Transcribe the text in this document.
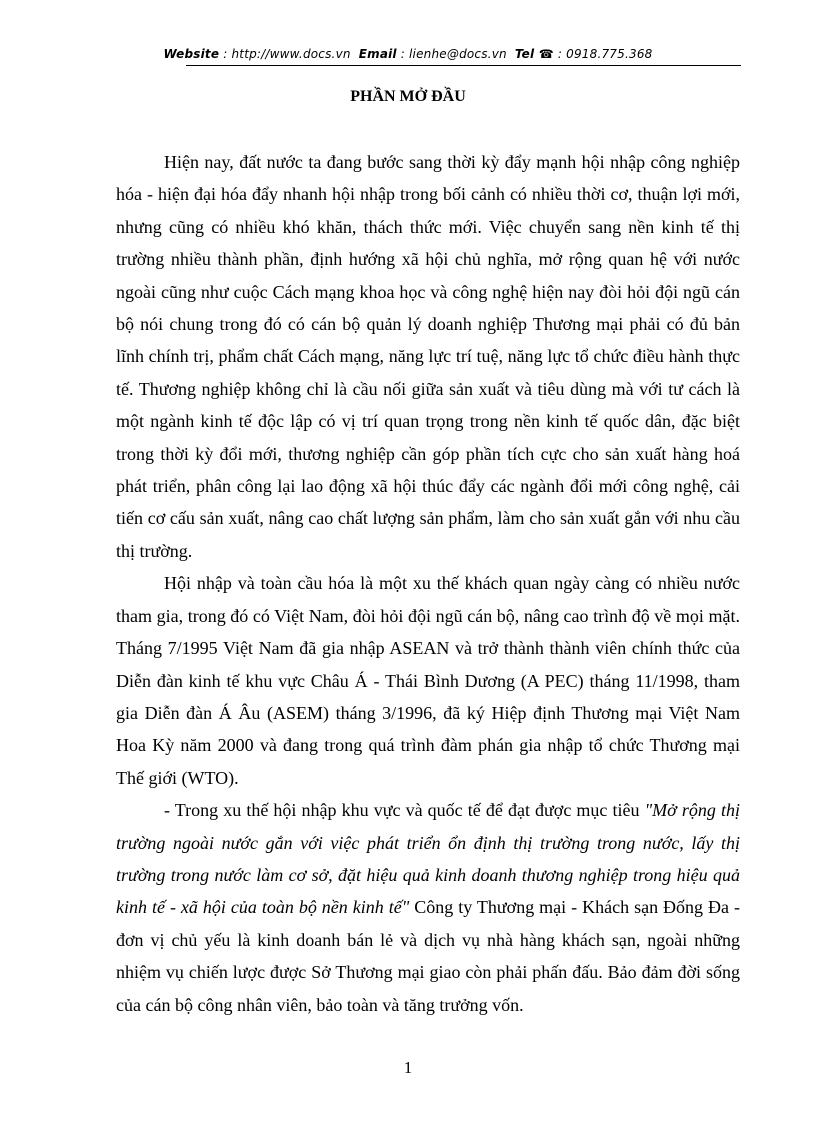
Website : http://www.docs.vn Email : lienhe@docs.vn Tel ☎ : 0918.775.368
PHẦN MỞ ĐẦU

Hiện nay, đất nước ta đang bước sang thời kỳ đẩy mạnh hội nhập công nghiệp hóa - hiện đại hóa đẩy nhanh hội nhập trong bối cảnh có nhiều thời cơ, thuận lợi mới, nhưng cũng có nhiều khó khăn, thách thức mới. Việc chuyển sang nền kinh tế thị trường nhiều thành phần, định hướng xã hội chủ nghĩa, mở rộng quan hệ với nước ngoài cũng như cuộc Cách mạng khoa học và công nghệ hiện nay đòi hỏi đội ngũ cán bộ nói chung trong đó có cán bộ quản lý doanh nghiệp Thương mại phải có đủ bản lĩnh chính trị, phẩm chất Cách mạng, năng lực trí tuệ, năng lực tổ chức điều hành thực tế. Thương nghiệp không chỉ là cầu nối giữa sản xuất và tiêu dùng mà với tư cách là một ngành kinh tế độc lập có vị trí quan trọng trong nền kinh tế quốc dân, đặc biệt trong thời kỳ đổi mới, thương nghiệp cần góp phần tích cực cho sản xuất hàng hoá phát triển, phân công lại lao động xã hội thúc đẩy các ngành đổi mới công nghệ, cải tiến cơ cấu sản xuất, nâng cao chất lượng sản phẩm, làm cho sản xuất gắn với nhu cầu thị trường.

Hội nhập và toàn cầu hóa là một xu thế khách quan ngày càng có nhiều nước tham gia, trong đó có Việt Nam, đòi hỏi đội ngũ cán bộ, nâng cao trình độ về mọi mặt. Tháng 7/1995 Việt Nam đã gia nhập ASEAN và trở thành thành viên chính thức của Diễn đàn kinh tế khu vực Châu Á - Thái Bình Dương (A PEC) tháng 11/1998, tham gia Diễn đàn Á Âu (ASEM) tháng 3/1996, đã ký Hiệp định Thương mại Việt Nam Hoa Kỳ năm 2000 và đang trong quá trình đàm phán gia nhập tổ chức Thương mại Thế giới (WTO).

- Trong xu thế hội nhập khu vực và quốc tế để đạt được mục tiêu "Mở rộng thị trường ngoài nước gắn với việc phát triển ổn định thị trường trong nước, lấy thị trường trong nước làm cơ sở, đặt hiệu quả kinh doanh thương nghiệp trong hiệu quả kinh tế - xã hội của toàn bộ nền kinh tế" Công ty Thương mại - Khách sạn Đống Đa - đơn vị chủ yếu là kinh doanh bán lẻ và dịch vụ nhà hàng khách sạn, ngoài những nhiệm vụ chiến lược được Sở Thương mại giao còn phải phấn đấu. Bảo đảm đời sống của cán bộ công nhân viên, bảo toàn và tăng trưởng vốn.

1
